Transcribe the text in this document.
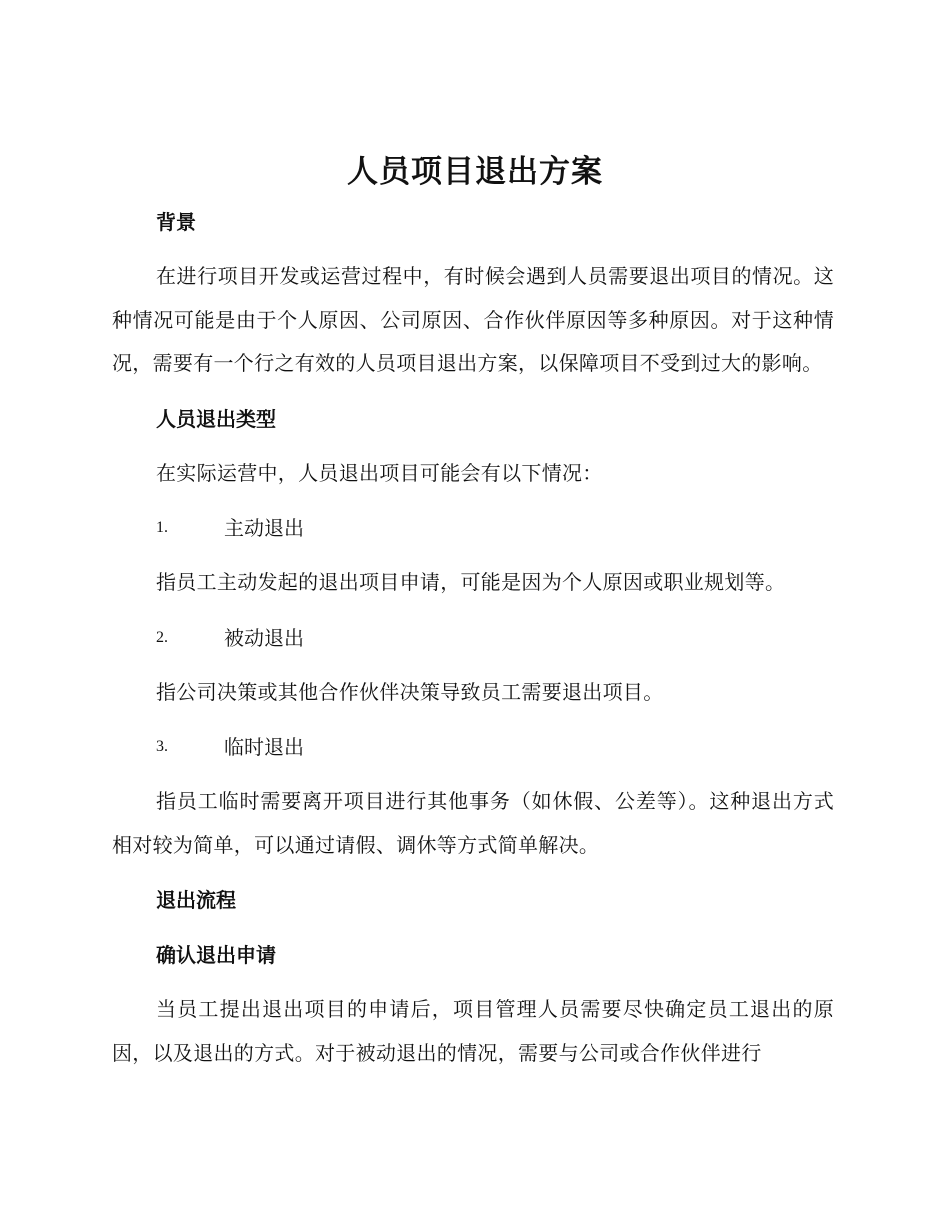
人员项目退出方案
背景

在进行项目开发或运营过程中，有时候会遇到人员需要退出项目的情况。这种情况可能是由于个人原因、公司原因、合作伙伴原因等多种原因。对于这种情况，需要有一个行之有效的人员项目退出方案，以保障项目不受到过大的影响。

人员退出类型

在实际运营中，人员退出项目可能会有以下情况：

1.	主动退出

指员工主动发起的退出项目申请，可能是因为个人原因或职业规划等。

2.	被动退出

指公司决策或其他合作伙伴决策导致员工需要退出项目。

3.	临时退出

指员工临时需要离开项目进行其他事务（如休假、公差等）。这种退出方式相对较为简单，可以通过请假、调休等方式简单解决。

退出流程
确认退出申请

当员工提出退出项目的申请后，项目管理人员需要尽快确定员工退出的原因，以及退出的方式。对于被动退出的情况，需要与公司或合作伙伴进行
